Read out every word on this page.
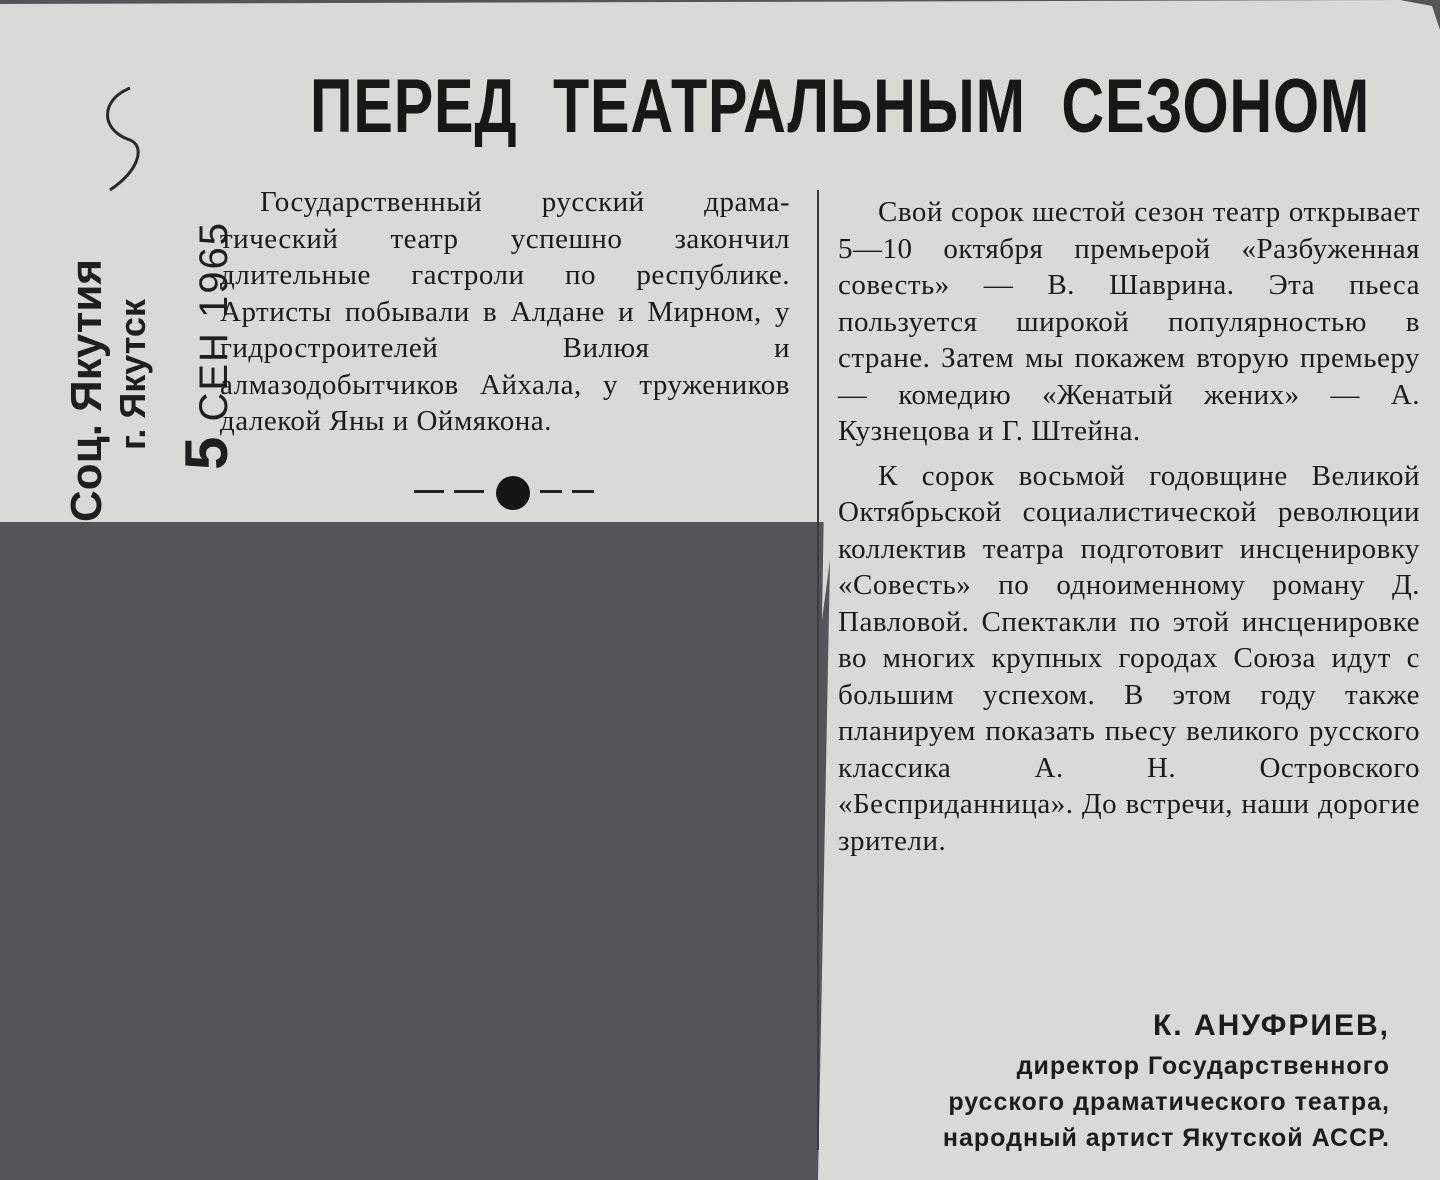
ПЕРЕД ТЕАТРАЛЬНЫМ СЕЗОНОМ
Соц. Якутия г. Якутск
5 СЕН 1965

Государственный русский драма-тический театр успешно закончил длительные гастроли по республике. Артисты побывали в Алдане и Мирном, у гидростроителей Вилюя и алмазодобытчиков Айхала, у тружеников далекой Яны и Оймякона.

Свой сорок шестой сезон театр открывает 5—10 октября премьерой «Разбуженная совесть» — В. Шаврина. Эта пьеса пользуется широкой популярностью в стране. Затем мы покажем вторую премьеру — комедию «Женатый жених» — А. Кузнецова и Г. Штейна.

К сорок восьмой годовщине Великой Октябрьской социалистической революции коллектив театра подготовит инсценировку «Совесть» по одноименному роману Д. Павловой. Спектакли по этой инсценировке во многих крупных городах Союза идут с большим успехом. В этом году также планируем показать пьесу великого русского классика А. Н. Островского «Бесприданница». До встречи, наши дорогие зрители.

К. АНУФРИЕВ,
директор Государственного
русского драматического театра,
народный артист Якутской АССР.
